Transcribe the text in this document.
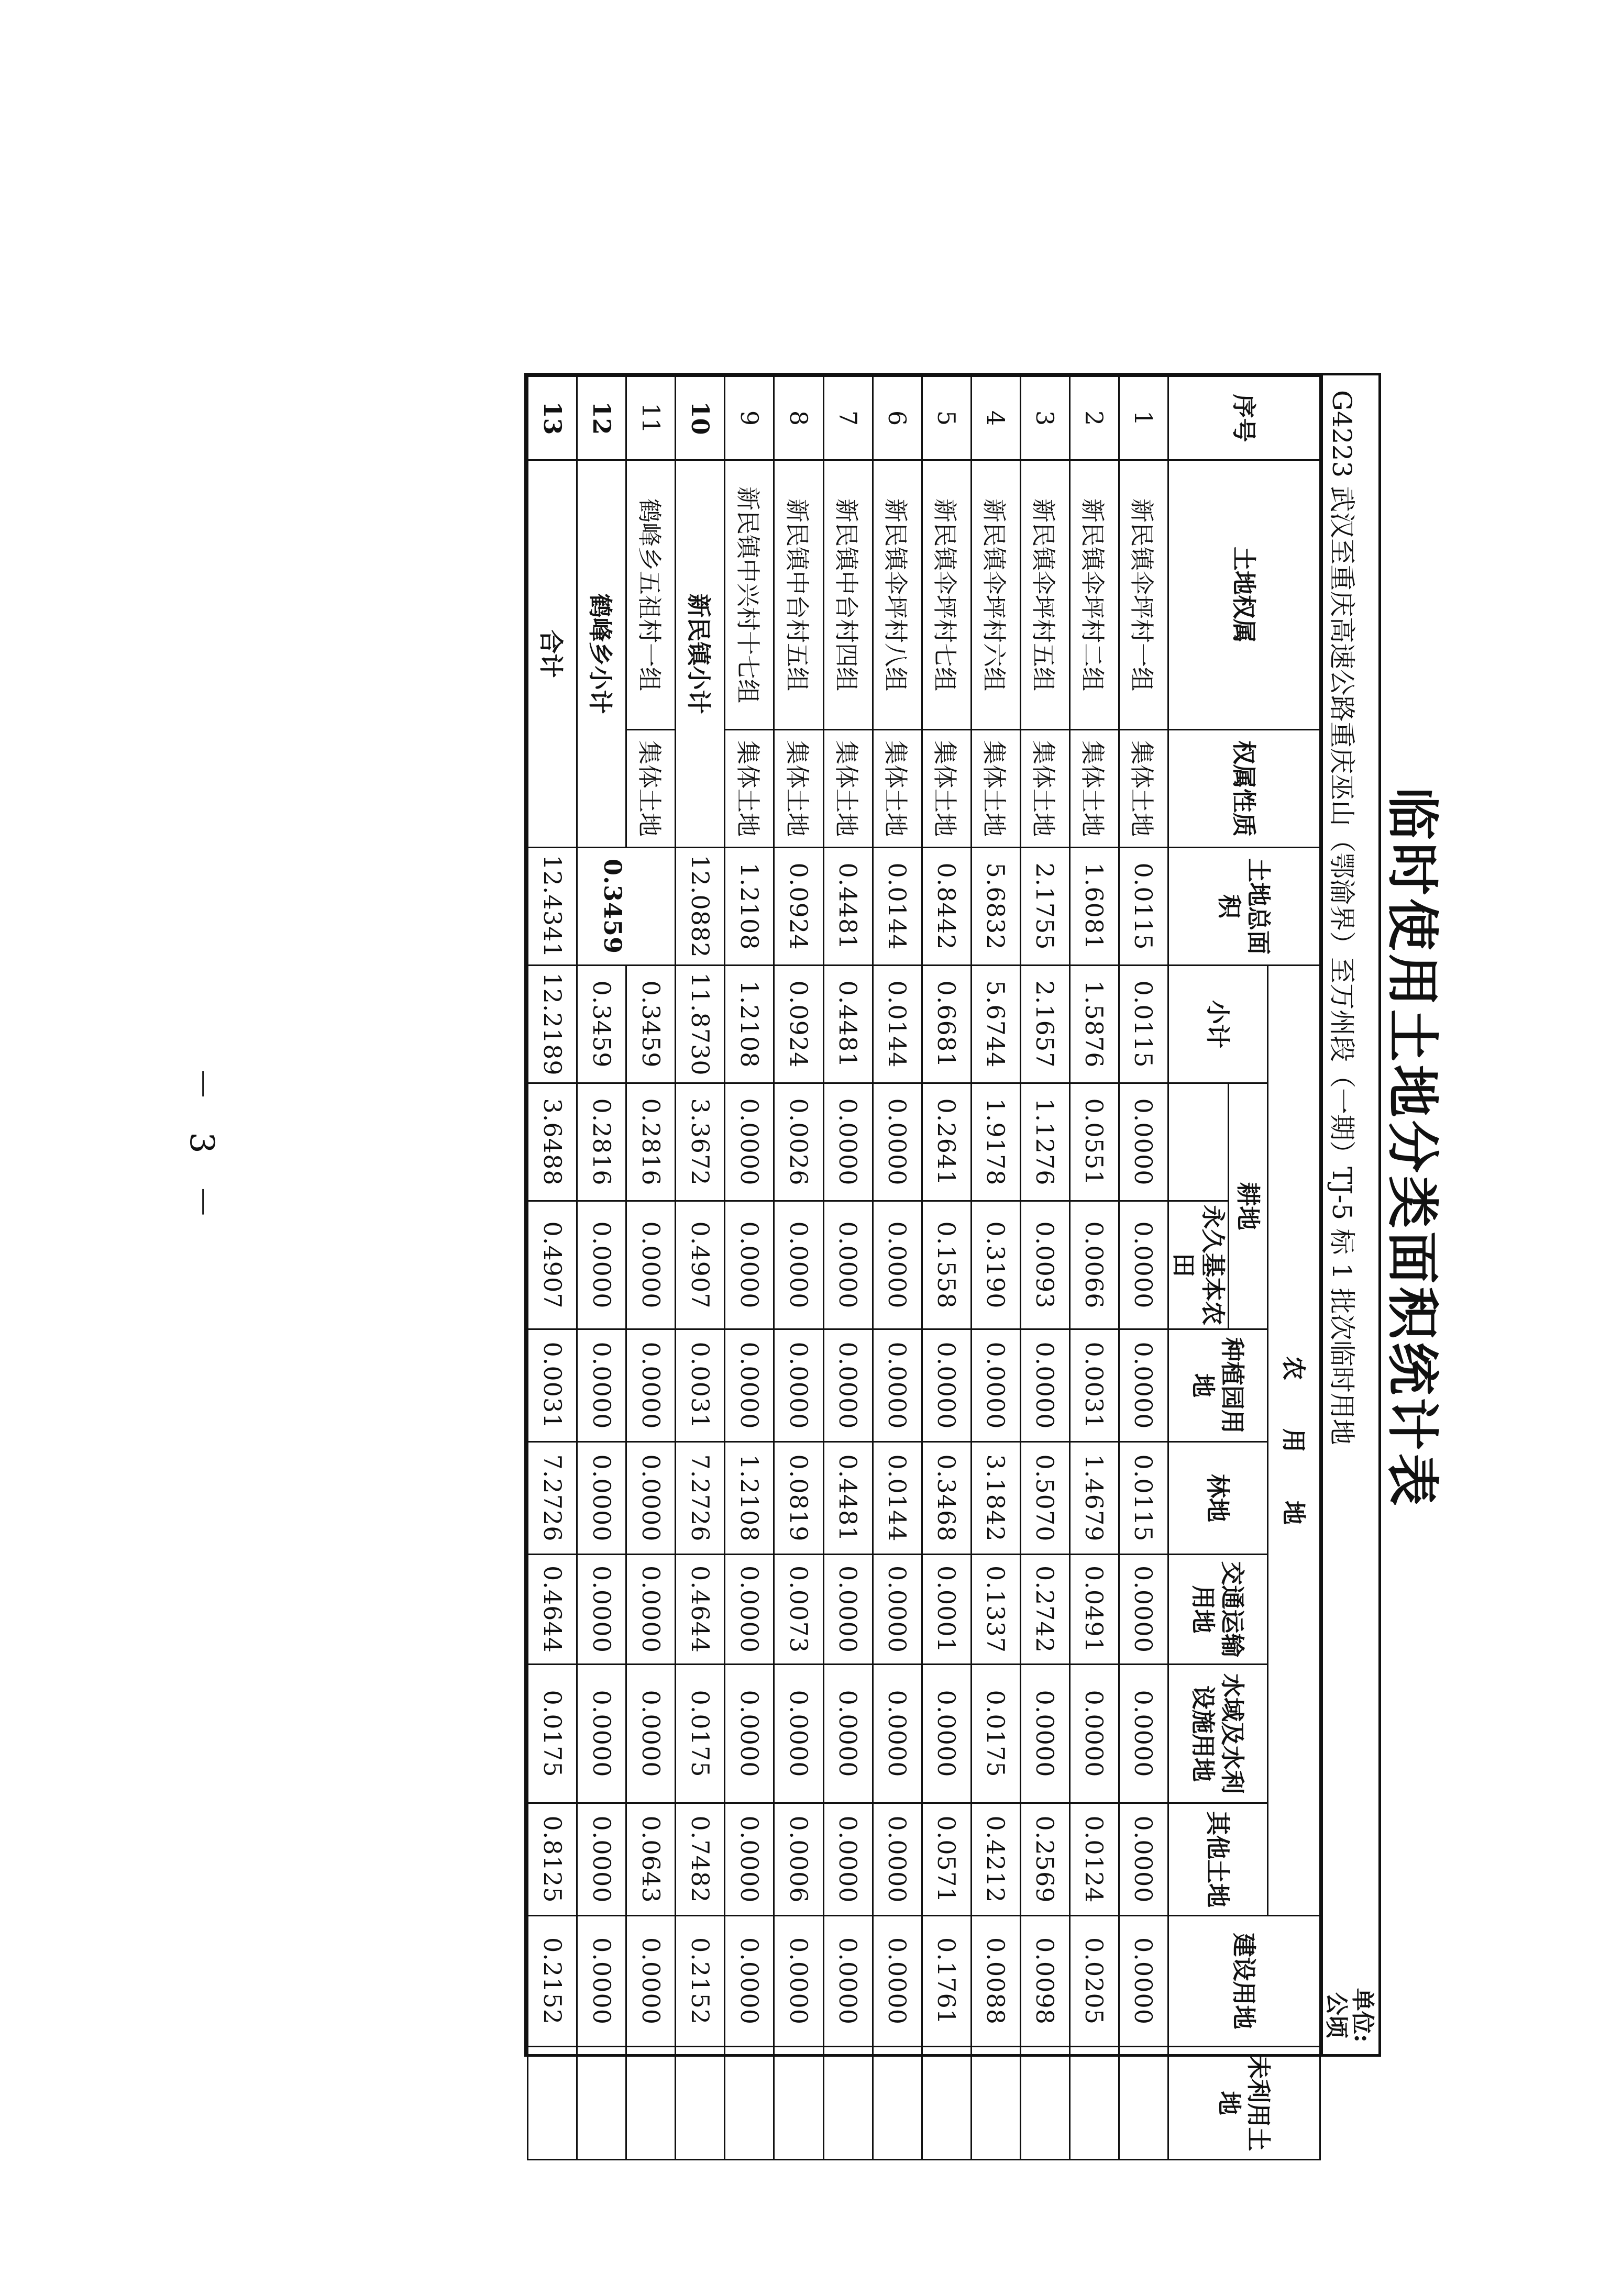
临时使用土地分类面积统计表
G4223 武汉至重庆高速公路重庆巫山（鄂渝界）至万州段（一期）TJ-5 标 1 批次临时用地
单位:
公顷
序号	土地权属	权属性质	土地总面积	农　　用　　地								建设用地	未利用土地
				小计	耕地		种植园用地	林地	交通运输用地	水域及水利设施用地	其他土地		
						永久基本农田							
1	新民镇伞坪村一组	集体土地	0.0115	0.0115	0.0000	0.0000	0.0000	0.0115	0.0000	0.0000	0.0000	0.0000	
2	新民镇伞坪村二组	集体土地	1.6081	1.5876	0.0551	0.0066	0.0031	1.4679	0.0491	0.0000	0.0124	0.0205	
3	新民镇伞坪村五组	集体土地	2.1755	2.1657	1.1276	0.0093	0.0000	0.5070	0.2742	0.0000	0.2569	0.0098	
4	新民镇伞坪村六组	集体土地	5.6832	5.6744	1.9178	0.3190	0.0000	3.1842	0.1337	0.0175	0.4212	0.0088	
5	新民镇伞坪村七组	集体土地	0.8442	0.6681	0.2641	0.1558	0.0000	0.3468	0.0001	0.0000	0.0571	0.1761	
6	新民镇伞坪村八组	集体土地	0.0144	0.0144	0.0000	0.0000	0.0000	0.0144	0.0000	0.0000	0.0000	0.0000	
7	新民镇中台村四组	集体土地	0.4481	0.4481	0.0000	0.0000	0.0000	0.4481	0.0000	0.0000	0.0000	0.0000	
8	新民镇中台村五组	集体土地	0.0924	0.0924	0.0026	0.0000	0.0000	0.0819	0.0073	0.0000	0.0006	0.0000	
9	新民镇中兴村十七组	集体土地	1.2108	1.2108	0.0000	0.0000	0.0000	1.2108	0.0000	0.0000	0.0000	0.0000	
10	新民镇小计		12.0882	11.8730	3.3672	0.4907	0.0031	7.2726	0.4644	0.0175	0.7482	0.2152	
11	鹤峰乡五祖村一组	集体土地	0.3459	0.3459	0.2816	0.0000	0.0000	0.0000	0.0000	0.0000	0.0643	0.0000	
12	鹤峰乡小计			0.3459	0.2816	0.0000	0.0000	0.0000	0.0000	0.0000	0.0000	0.0000	
13	合计		12.4341	12.2189	3.6488	0.4907	0.0031	7.2726	0.4644	0.0175	0.8125	0.2152	
－ 3 －
